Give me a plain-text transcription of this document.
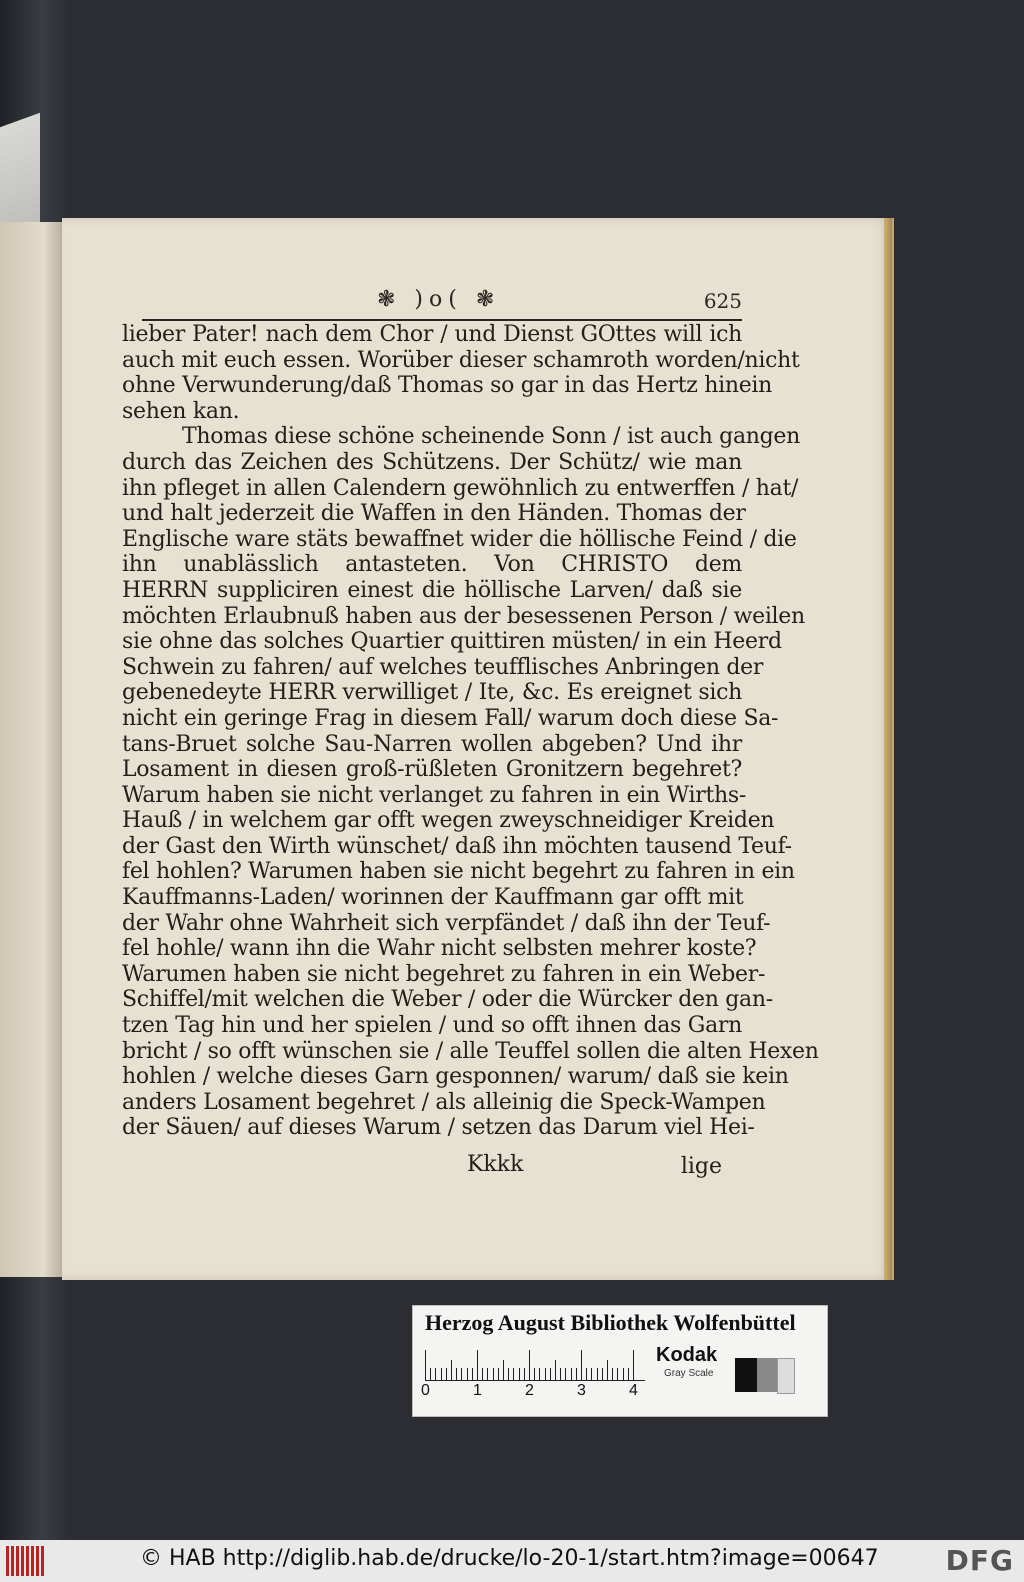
❃ )o( ❃	625
lieber Pater! nach dem Chor / und Dienst GOttes will ich
auch mit euch essen. Worüber dieser schamroth worden/nicht
ohne Verwunderung/daß Thomas so gar in das Hertz hinein
sehen kan.
Thomas diese schöne scheinende Sonn / ist auch gangen
durch das Zeichen des Schützens. Der Schütz/ wie man
ihn pfleget in allen Calendern gewöhnlich zu entwerffen / hat/
und halt jederzeit die Waffen in den Händen. Thomas der
Englische ware stäts bewaffnet wider die höllische Feind / die
ihn unablässlich antasteten. Von CHRISTO dem
HERRN suppliciren einest die höllische Larven/ daß sie
möchten Erlaubnuß haben aus der besessenen Person / weilen
sie ohne das solches Quartier quittiren müsten/ in ein Heerd
Schwein zu fahren/ auf welches teufflisches Anbringen der
gebenedeyte HERR verwilliget / Ite, &c. Es ereignet sich
nicht ein geringe Frag in diesem Fall/ warum doch diese Sa-
tans-Bruet solche Sau-Narren wollen abgeben? Und ihr
Losament in diesen groß-rüßleten Gronitzern begehret?
Warum haben sie nicht verlanget zu fahren in ein Wirths-
Hauß / in welchem gar offt wegen zweyschneidiger Kreiden
der Gast den Wirth wünschet/ daß ihn möchten tausend Teuf-
fel hohlen? Warumen haben sie nicht begehrt zu fahren in ein
Kauffmanns-Laden/ worinnen der Kauffmann gar offt mit
der Wahr ohne Wahrheit sich verpfändet / daß ihn der Teuf-
fel hohle/ wann ihn die Wahr nicht selbsten mehrer koste?
Warumen haben sie nicht begehret zu fahren in ein Weber-
Schiffel/mit welchen die Weber / oder die Würcker den gan-
tzen Tag hin und her spielen / und so offt ihnen das Garn
bricht / so offt wünschen sie / alle Teuffel sollen die alten Hexen
hohlen / welche dieses Garn gesponnen/ warum/ daß sie kein
anders Losament begehret / als alleinig die Speck-Wampen
der Säuen/ auf dieses Warum / setzen das Darum viel Hei-
Kkkk	lige
Herzog August Bibliothek Wolfenbüttel
0	1	2	3	4
Kodak
Gray Scale
© HAB http://diglib.hab.de/drucke/lo-20-1/start.htm?image=00647 DFG
